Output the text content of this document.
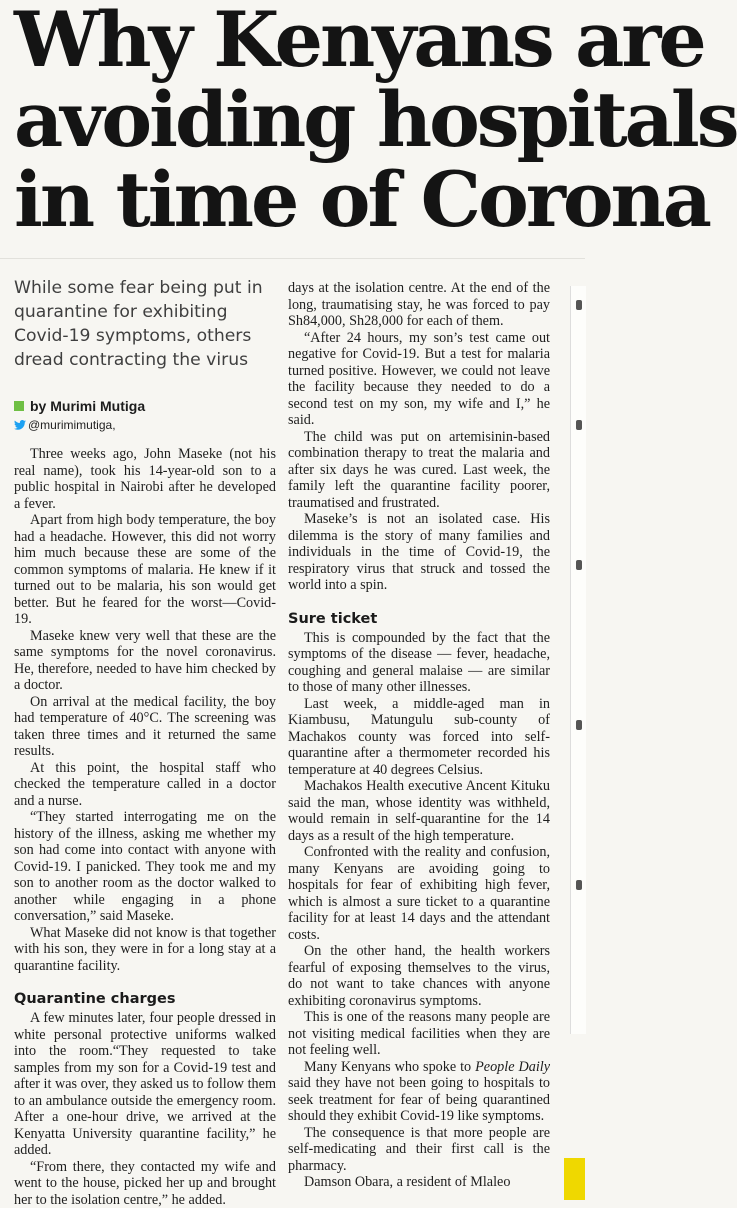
Why Kenyans are
avoiding hospitals
in time of Corona

While some fear being put in quarantine for exhibiting Covid-19 symptoms, others dread contracting the virus

by Murimi Mutiga
@murimimutiga,

Three weeks ago, John Maseke (not his real name), took his 14-year-old son to a public hospital in Nairobi after he developed a fever.

Apart from high body temperature, the boy had a headache. However, this did not worry him much because these are some of the common symptoms of malaria. He knew if it turned out to be malaria, his son would get better. But he feared for the worst—Covid-19.

Maseke knew very well that these are the same symptoms for the novel coronavirus. He, therefore, needed to have him checked by a doctor.

On arrival at the medical facility, the boy had temperature of 40°C. The screening was taken three times and it returned the same results.

At this point, the hospital staff who checked the temperature called in a doctor and a nurse.

“They started interrogating me on the history of the illness, asking me whether my son had come into contact with anyone with Covid-19. I panicked. They took me and my son to another room as the doctor walked to another while engaging in a phone conversation,” said Maseke.

What Maseke did not know is that together with his son, they were in for a long stay at a quarantine facility.

Quarantine charges

A few minutes later, four people dressed in white personal protective uniforms walked into the room.“They requested to take samples from my son for a Covid-19 test and after it was over, they asked us to follow them to an ambulance outside the emergency room. After a one-hour drive, we arrived at the Kenyatta University quarantine facility,” he added.

“From there, they contacted my wife and went to the house, picked her up and brought her to the isolation centre,” he added.

days at the isolation centre. At the end of the long, traumatising stay, he was forced to pay Sh84,000, Sh28,000 for each of them.

“After 24 hours, my son’s test came out negative for Covid-19. But a test for malaria turned positive. However, we could not leave the facility because they needed to do a second test on my son, my wife and I,” he said.

The child was put on artemisinin-based combination therapy to treat the malaria and after six days he was cured. Last week, the family left the quarantine facility poorer, traumatised and frustrated.

Maseke’s is not an isolated case. His dilemma is the story of many families and individuals in the time of Covid-19, the respiratory virus that struck and tossed the world into a spin.

Sure ticket

This is compounded by the fact that the symptoms of the disease — fever, headache, coughing and general malaise — are similar to those of many other illnesses.

Last week, a middle-aged man in Kiambusu, Matungulu sub-county of Machakos county was forced into self-quarantine after a thermometer recorded his temperature at 40 degrees Celsius.

Machakos Health executive Ancent Kituku said the man, whose identity was withheld, would remain in self-quarantine for the 14 days as a result of the high temperature.

Confronted with the reality and confusion, many Kenyans are avoiding going to hospitals for fear of exhibiting high fever, which is almost a sure ticket to a quarantine facility for at least 14 days and the attendant costs.

On the other hand, the health workers fearful of exposing themselves to the virus, do not want to take chances with anyone exhibiting coronavirus symptoms.

This is one of the reasons many people are not visiting medical facilities when they are not feeling well.

Many Kenyans who spoke to People Daily said they have not been going to hospitals to seek treatment for fear of being quarantined should they exhibit Covid-19 like symptoms.

The consequence is that more people are self-medicating and their first call is the pharmacy.

Damson Obara, a resident of Mlaleo
